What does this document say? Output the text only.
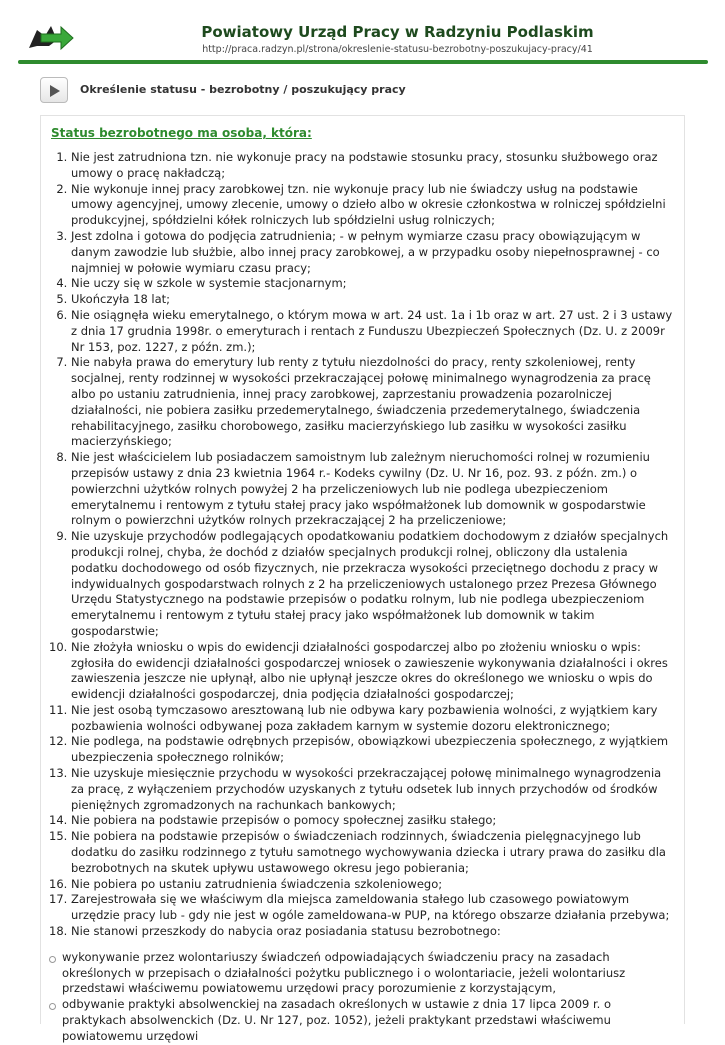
Powiatowy Urząd Pracy w Radzyniu Podlaskim
http://praca.radzyn.pl/strona/okreslenie-statusu-bezrobotny-poszukujacy-pracy/41
Określenie statusu - bezrobotny / poszukujący pracy
Status bezrobotnego ma osoba, która:
1. Nie jest zatrudniona tzn. nie wykonuje pracy na podstawie stosunku pracy, stosunku służbowego oraz umowy o pracę nakładczą;
2. Nie wykonuje innej pracy zarobkowej tzn. nie wykonuje pracy lub nie świadczy usług na podstawie umowy agencyjnej, umowy zlecenie, umowy o dzieło albo w okresie członkostwa w rolniczej spółdzielni produkcyjnej, spółdzielni kółek rolniczych lub spółdzielni usług rolniczych;
3. Jest zdolna i gotowa do podjęcia zatrudnienia; - w pełnym wymiarze czasu pracy obowiązującym w danym zawodzie lub służbie, albo innej pracy zarobkowej, a w przypadku osoby niepełnosprawnej - co najmniej w połowie wymiaru czasu pracy;
4. Nie uczy się w szkole w systemie stacjonarnym;
5. Ukończyła 18 lat;
6. Nie osiągnęła wieku emerytalnego, o którym mowa w art. 24 ust. 1a i 1b oraz w art. 27 ust. 2 i 3 ustawy z dnia 17 grudnia 1998r. o emeryturach i rentach z Funduszu Ubezpieczeń Społecznych (Dz. U. z 2009r Nr 153, poz. 1227, z późn. zm.);
7. Nie nabyła prawa do emerytury lub renty z tytułu niezdolności do pracy, renty szkoleniowej, renty socjalnej, renty rodzinnej w wysokości przekraczającej połowę minimalnego wynagrodzenia za pracę albo po ustaniu zatrudnienia, innej pracy zarobkowej, zaprzestaniu prowadzenia pozarolniczej działalności, nie pobiera zasiłku przedemerytalnego, świadczenia przedemerytalnego, świadczenia rehabilitacyjnego, zasiłku chorobowego, zasiłku macierzyńskiego lub zasiłku w wysokości zasiłku macierzyńskiego;
8. Nie jest właścicielem lub posiadaczem samoistnym lub zależnym nieruchomości rolnej w rozumieniu przepisów ustawy z dnia 23 kwietnia 1964 r.- Kodeks cywilny (Dz. U. Nr 16, poz. 93. z późn. zm.) o powierzchni użytków rolnych powyżej 2 ha przeliczeniowych lub nie podlega ubezpieczeniom emerytalnemu i rentowym z tytułu stałej pracy jako współmałżonek lub domownik w gospodarstwie rolnym o powierzchni użytków rolnych przekraczającej 2 ha przeliczeniowe;
9. Nie uzyskuje przychodów podlegających opodatkowaniu podatkiem dochodowym z działów specjalnych produkcji rolnej, chyba, że dochód z działów specjalnych produkcji rolnej, obliczony dla ustalenia podatku dochodowego od osób fizycznych, nie przekracza wysokości przeciętnego dochodu z pracy w indywidualnych gospodarstwach rolnych z 2 ha przeliczeniowych ustalonego przez Prezesa Głównego Urzędu Statystycznego na podstawie przepisów o podatku rolnym, lub nie podlega ubezpieczeniom emerytalnemu i rentowym z tytułu stałej pracy jako współmałżonek lub domownik w takim gospodarstwie;
10. Nie złożyła wniosku o wpis do ewidencji działalności gospodarczej albo po złożeniu wniosku o wpis: zgłosiła do ewidencji działalności gospodarczej wniosek o zawieszenie wykonywania działalności i okres zawieszenia jeszcze nie upłynął, albo nie upłynął jeszcze okres do określonego we wniosku o wpis do ewidencji działalności gospodarczej, dnia podjęcia działalności gospodarczej;
11. Nie jest osobą tymczasowo aresztowaną lub nie odbywa kary pozbawienia wolności, z wyjątkiem kary pozbawienia wolności odbywanej poza zakładem karnym w systemie dozoru elektronicznego;
12. Nie podlega, na podstawie odrębnych przepisów, obowiązkowi ubezpieczenia społecznego, z wyjątkiem ubezpieczenia społecznego rolników;
13. Nie uzyskuje miesięcznie przychodu w wysokości przekraczającej połowę minimalnego wynagrodzenia za pracę, z wyłączeniem przychodów uzyskanych z tytułu odsetek lub innych przychodów od środków pieniężnych zgromadzonych na rachunkach bankowych;
14. Nie pobiera na podstawie przepisów o pomocy społecznej zasiłku stałego;
15. Nie pobiera na podstawie przepisów o świadczeniach rodzinnych, świadczenia pielęgnacyjnego lub dodatku do zasiłku rodzinnego z tytułu samotnego wychowywania dziecka i utrary prawa do zasiłku dla bezrobotnych na skutek upływu ustawowego okresu jego pobierania;
16. Nie pobiera po ustaniu zatrudnienia świadczenia szkoleniowego;
17. Zarejestrowała się we właściwym dla miejsca zameldowania stałego lub czasowego powiatowym urzędzie pracy lub - gdy nie jest w ogóle zameldowana-w PUP, na którego obszarze działania przebywa;
18. Nie stanowi przeszkody do nabycia oraz posiadania statusu bezrobotnego:
wykonywanie przez wolontariuszy świadczeń odpowiadających świadczeniu pracy na zasadach określonych w przepisach o działalności pożytku publicznego i o wolontariacie, jeżeli wolontariusz przedstawi właściwemu powiatowemu urzędowi pracy porozumienie z korzystającym,
odbywanie praktyki absolwenckiej na zasadach określonych w ustawie z dnia 17 lipca 2009 r. o praktykach absolwenckich (Dz. U. Nr 127, poz. 1052), jeżeli praktykant przedstawi właściwemu powiatowemu urzędowi
